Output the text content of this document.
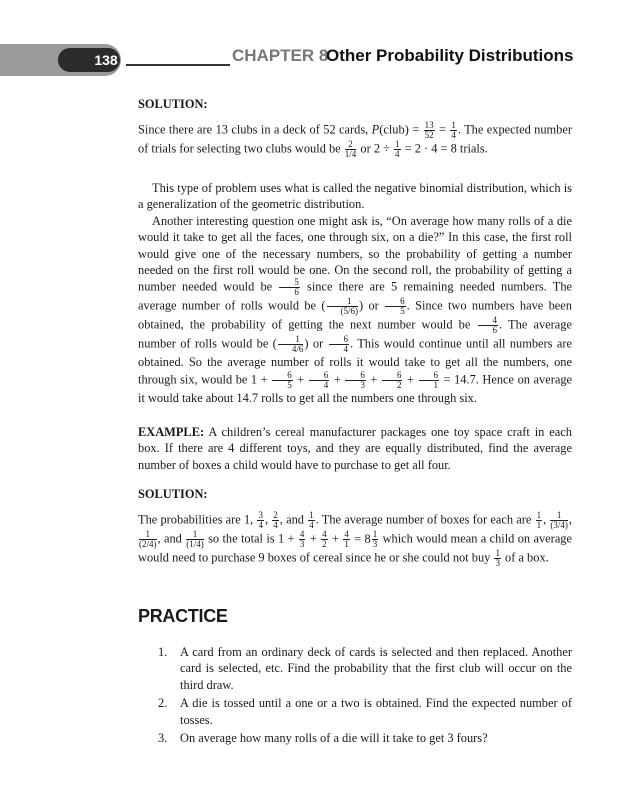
138	CHAPTER 8
Other Probability Distributions

SOLUTION:

Since there are 13 clubs in a deck of 52 cards, P(club) = $\frac{13}{52} = \frac{1}{4}$ . The expected number of trials for selecting two clubs would be $\frac{2}{1/4}$ or $2 \div \frac{1}{4} = 2 \cdot 4 = 8$ trials.

This type of problem uses what is called the negative binomial distribution, which is a generalization of the geometric distribution.

Another interesting question one might ask is, “On average how many rolls of a die would it take to get all the faces, one through six, on a die?” In this case, the first roll would give one of the necessary numbers, so the probability of getting a number needed on the first roll would be one. On the second roll, the probability of getting a number needed would be $\frac{5}{6}$ since there are 5 remaining needed numbers. The average number of rolls would be ( $\frac{1}{(5/6)}$ ) or $\frac{6}{5}$ . Since two numbers have been obtained, the probability of getting the next number would be $\frac{4}{6}$ . The average number of rolls would be ( $\frac{1}{4/6}$ ) or $\frac{6}{4}$ . This would continue until all numbers are obtained. So the average number of rolls it would take to get all the numbers, one through six, would be $1 + \frac{6}{5} + \frac{6}{4} + \frac{6}{3} + \frac{6}{2} + \frac{6}{1} = 14.7$. Hence on average it would take about 14.7 rolls to get all the numbers one through six.

EXAMPLE: A children’s cereal manufacturer packages one toy space craft in each box. If there are 4 different toys, and they are equally distributed, find the average number of boxes a child would have to purchase to get all four.

SOLUTION:

The probabilities are 1, $\frac{3}{4}$ , $\frac{2}{4}$ , and $\frac{1}{4}$ . The average number of boxes for each are $\frac{1}{1}$ , $\frac{1}{(3/4)}$ ,
$\frac{1}{(2/4)}$ , and $\frac{1}{(1/4)}$ so the total is $1 + \frac{4}{3} + \frac{4}{2} + \frac{4}{1} = 8 \frac{1}{3}$ which would mean a child on average would need to purchase 9 boxes of cereal since he or she could not buy $\frac{1}{3}$ of a box.

PRACTICE
1. A card from an ordinary deck of cards is selected and then replaced. Another card is selected, etc. Find the probability that the first club will occur on the third draw.
2. A die is tossed until a one or a two is obtained. Find the expected number of tosses.
3. On average how many rolls of a die will it take to get 3 fours?
